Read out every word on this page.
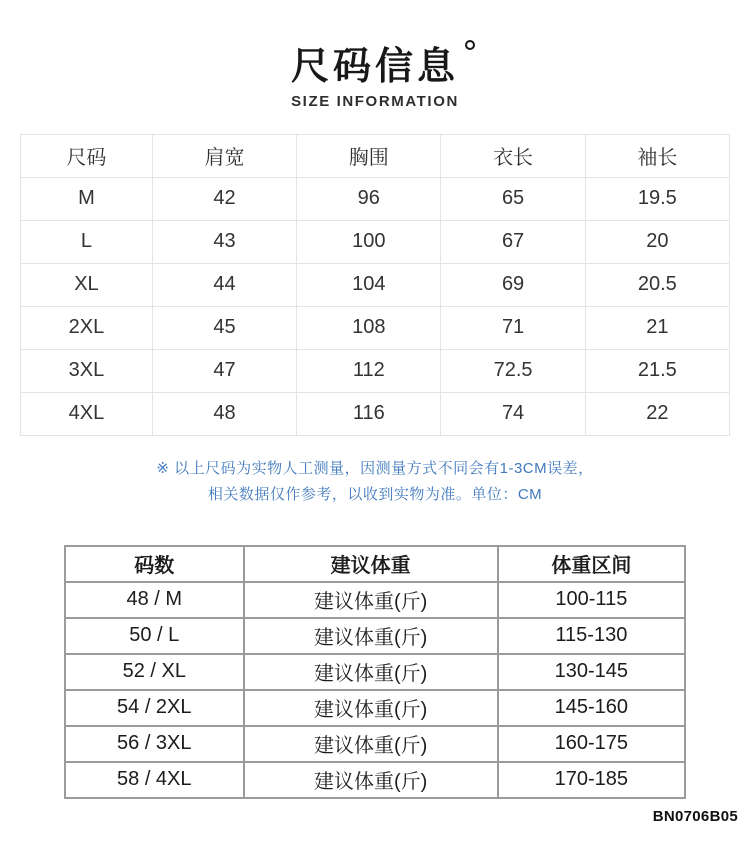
尺码信息
SIZE INFORMATION
尺码	肩宽	胸围	衣长	袖长
M	42	96	65	19.5
L	43	100	67	20
XL	44	104	69	20.5
2XL	45	108	71	21
3XL	47	112	72.5	21.5
4XL	48	116	74	22
※ 以上尺码为实物人工测量，因测量方式不同会有1-3CM误差，
相关数据仅作参考，以收到实物为准。单位：CM
码数	建议体重	体重区间
48 / M	建议体重(斤)	100-115
50 / L	建议体重(斤)	115-130
52 / XL	建议体重(斤)	130-145
54 / 2XL	建议体重(斤)	145-160
56 / 3XL	建议体重(斤)	160-175
58 / 4XL	建议体重(斤)	170-185
BN0706B05
